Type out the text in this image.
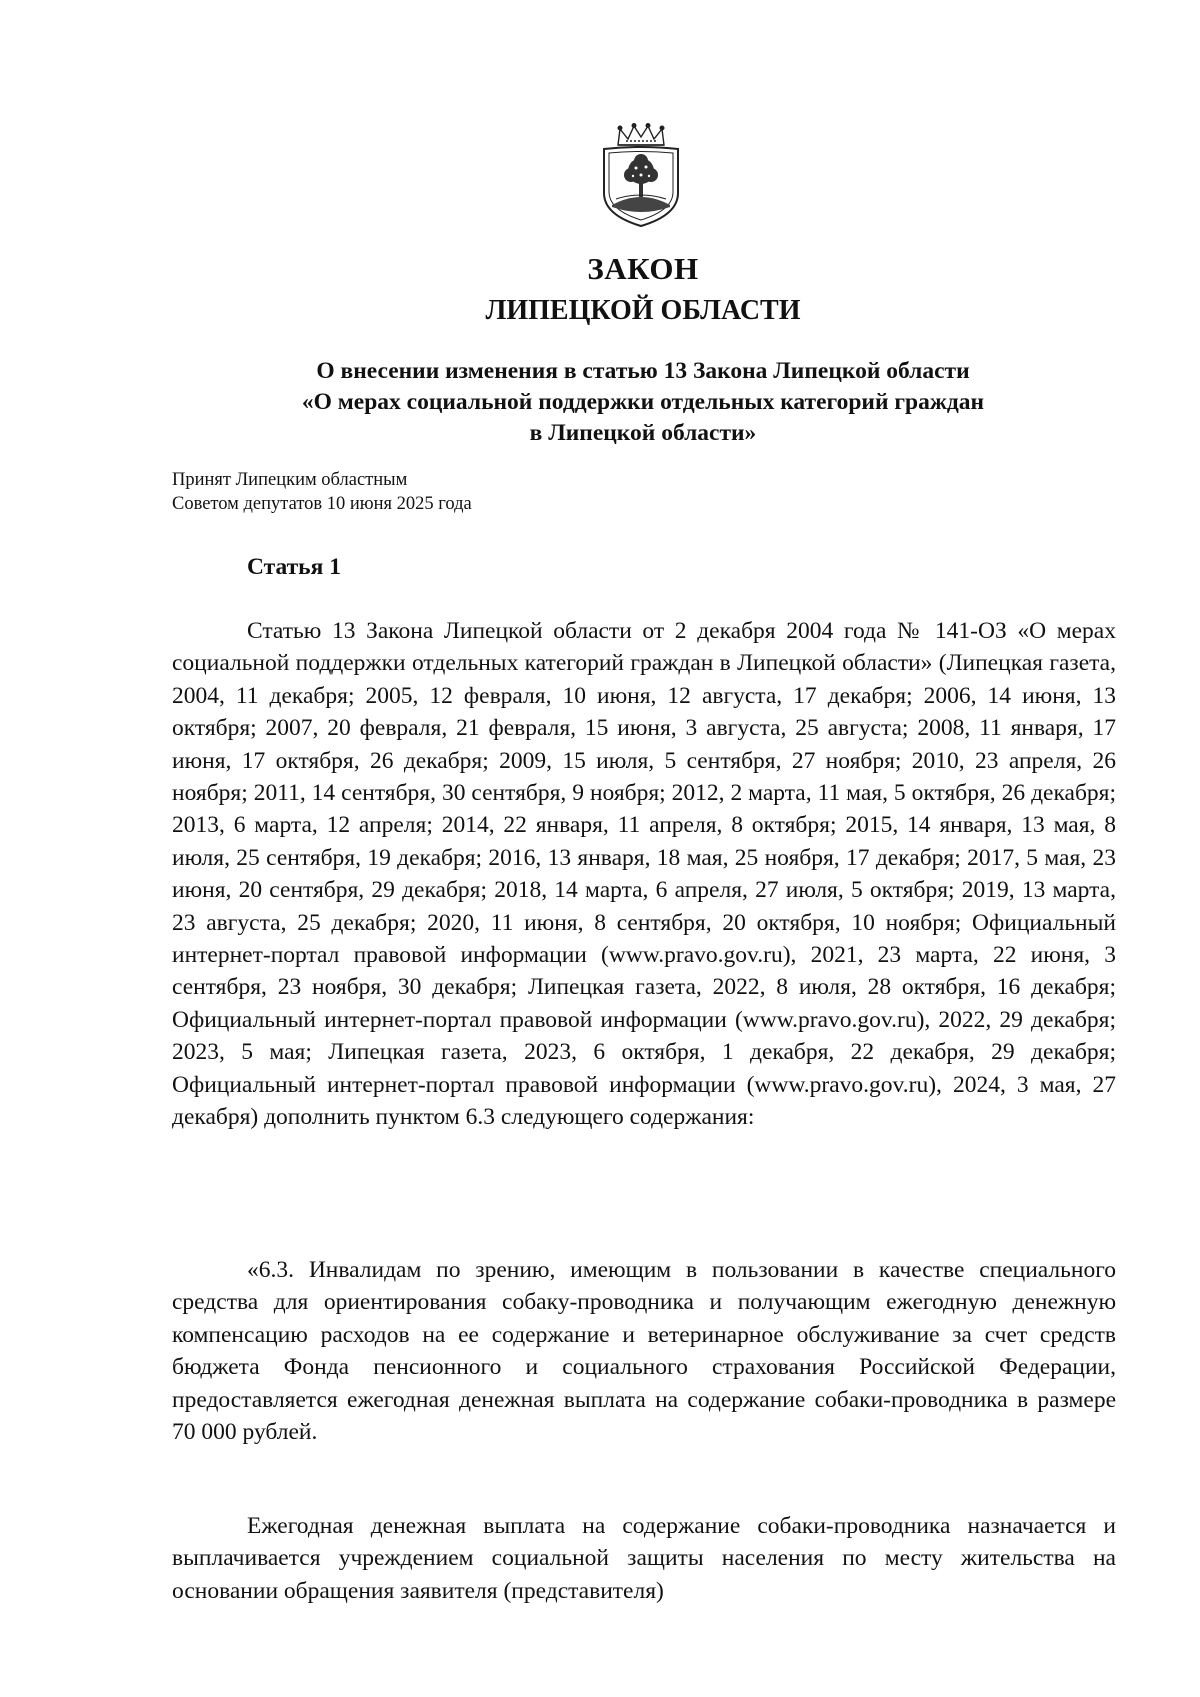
ЗАКОН
ЛИПЕЦКОЙ ОБЛАСТИ
О внесении изменения в статью 13 Закона Липецкой области
«О мерах социальной поддержки отдельных категорий граждан
в Липецкой области»
Принят Липецким областным
Советом депутатов 10 июня 2025 года
Статья 1

Статью 13 Закона Липецкой области от 2 декабря 2004 года № 141-ОЗ «О мерах социальной поддержки отдельных категорий граждан в Липецкой области» (Липецкая газета, 2004, 11 декабря; 2005, 12 февраля, 10 июня, 12 августа, 17 декабря; 2006, 14 июня, 13 октября; 2007, 20 февраля, 21 февраля, 15 июня, 3 августа, 25 августа; 2008, 11 января, 17 июня, 17 октября, 26 декабря; 2009, 15 июля, 5 сентября, 27 ноября; 2010, 23 апреля, 26 ноября; 2011, 14 сентября, 30 сентября, 9 ноября; 2012, 2 марта, 11 мая, 5 октября, 26 декабря; 2013, 6 марта, 12 апреля; 2014, 22 января, 11 апреля, 8 октября; 2015, 14 января, 13 мая, 8 июля, 25 сентября, 19 декабря; 2016, 13 января, 18 мая, 25 ноября, 17 декабря; 2017, 5 мая, 23 июня, 20 сентября, 29 декабря; 2018, 14 марта, 6 апреля, 27 июля, 5 октября; 2019, 13 марта, 23 августа, 25 декабря; 2020, 11 июня, 8 сентября, 20 октября, 10 ноября; Официальный интернет-портал правовой информации (www.pravo.gov.ru), 2021, 23 марта, 22 июня, 3 сентября, 23 ноября, 30 декабря; Липецкая газета, 2022, 8 июля, 28 октября, 16 декабря; Официальный интернет-портал правовой информации (www.pravo.gov.ru), 2022, 29 декабря; 2023, 5 мая; Липецкая газета, 2023, 6 октября, 1 декабря, 22 декабря, 29 декабря; Официальный интернет-портал правовой информации (www.pravo.gov.ru), 2024, 3 мая, 27 декабря) дополнить пунктом 6.3 следующего содержания:

«6.3. Инвалидам по зрению, имеющим в пользовании в качестве специального средства для ориентирования собаку-проводника и получающим ежегодную денежную компенсацию расходов на ее содержание и ветеринарное обслуживание за счет средств бюджета Фонда пенсионного и социального страхования Российской Федерации, предоставляется ежегодная денежная выплата на содержание собаки-проводника в размере 70 000 рублей.

Ежегодная денежная выплата на содержание собаки-проводника назначается и выплачивается учреждением социальной защиты населения по месту жительства на основании обращения заявителя (представителя)
